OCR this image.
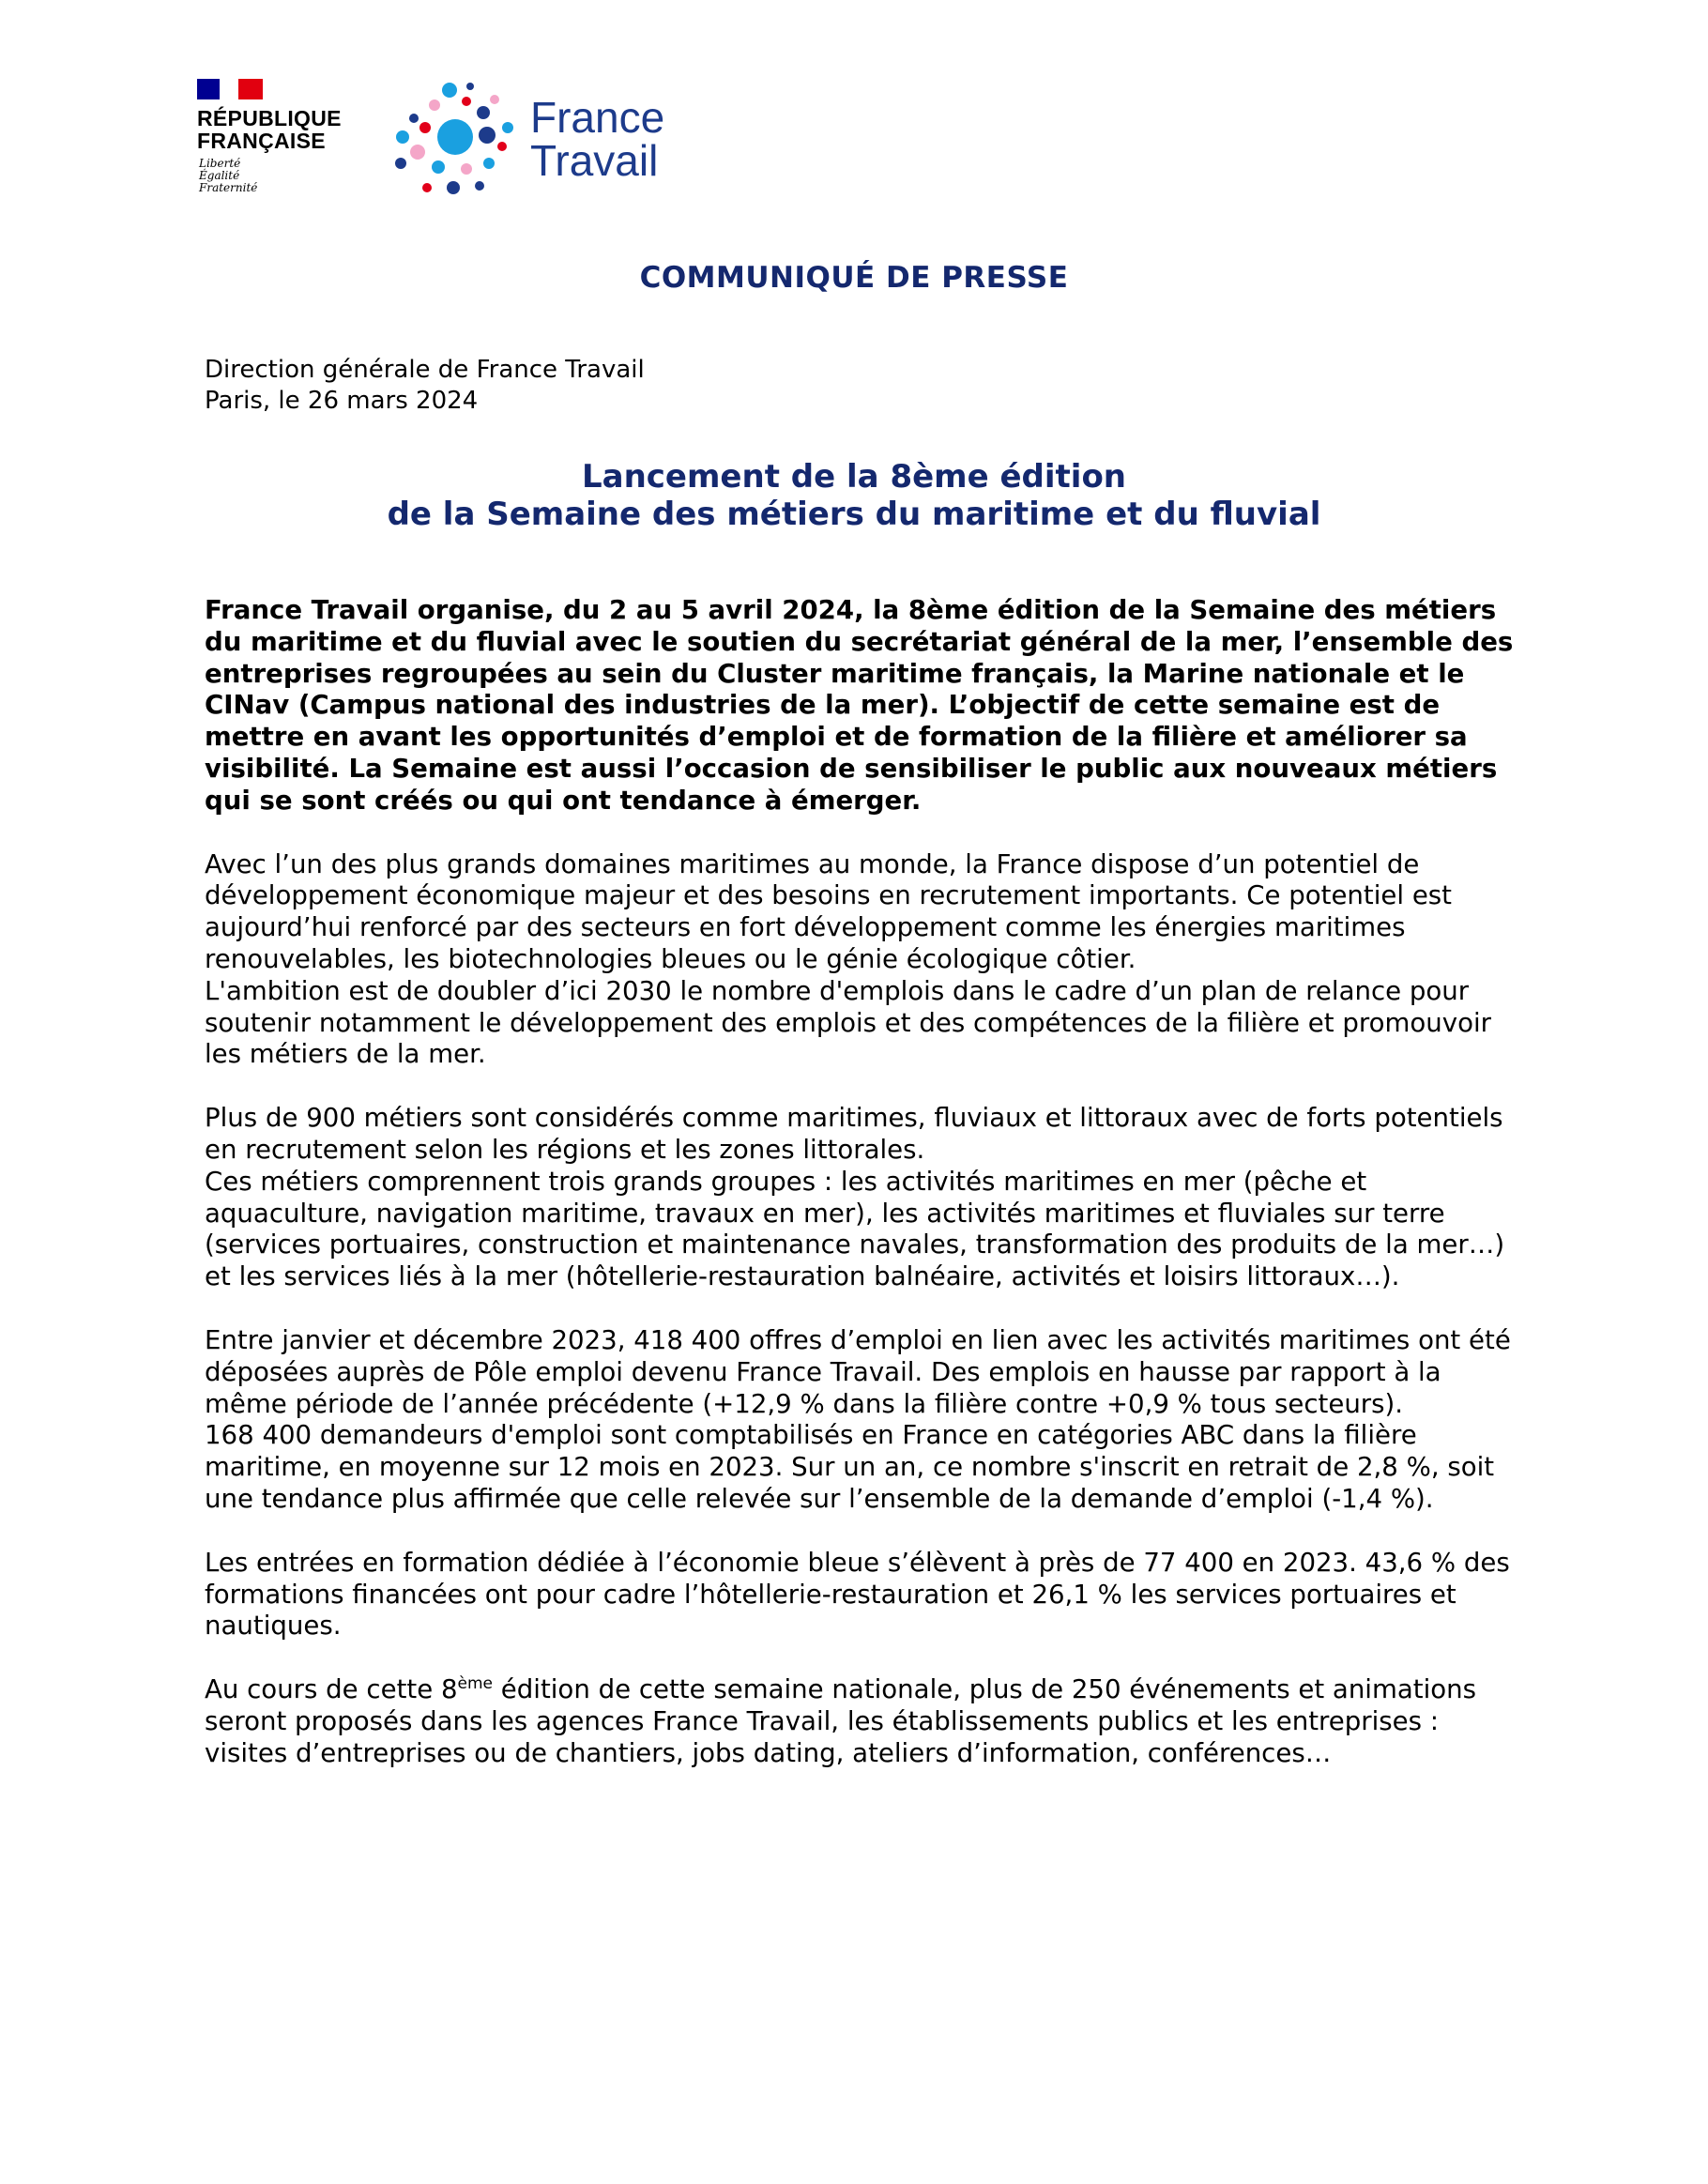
RÉPUBLIQUE
FRANÇAISE
Liberté
Égalité
Fraternité
France
Travail
COMMUNIQUÉ DE PRESSE
Direction générale de France Travail
Paris, le 26 mars 2024
Lancement de la 8ème édition
de la Semaine des métiers du maritime et du fluvial

France Travail organise, du 2 au 5 avril 2024, la 8ème édition de la Semaine des métiers du maritime et du fluvial avec le soutien du secrétariat général de la mer, l’ensemble des entreprises regroupées au sein du Cluster maritime français, la Marine nationale et le CINav (Campus national des industries de la mer). L’objectif de cette semaine est de mettre en avant les opportunités d’emploi et de formation de la filière et améliorer sa visibilité. La Semaine est aussi l’occasion de sensibiliser le public aux nouveaux métiers qui se sont créés ou qui ont tendance à émerger.

Avec l’un des plus grands domaines maritimes au monde, la France dispose d’un potentiel de développement économique majeur et des besoins en recrutement importants. Ce potentiel est aujourd’hui renforcé par des secteurs en fort développement comme les énergies maritimes renouvelables, les biotechnologies bleues ou le génie écologique côtier.
L'ambition est de doubler d’ici 2030 le nombre d'emplois dans le cadre d’un plan de relance pour soutenir notamment le développement des emplois et des compétences de la filière et promouvoir les métiers de la mer.

Plus de 900 métiers sont considérés comme maritimes, fluviaux et littoraux avec de forts potentiels en recrutement selon les régions et les zones littorales.
Ces métiers comprennent trois grands groupes : les activités maritimes en mer (pêche et aquaculture, navigation maritime, travaux en mer), les activités maritimes et fluviales sur terre (services portuaires, construction et maintenance navales, transformation des produits de la mer…) et les services liés à la mer (hôtellerie-restauration balnéaire, activités et loisirs littoraux…).

Entre janvier et décembre 2023, 418 400 offres d’emploi en lien avec les activités maritimes ont été déposées auprès de Pôle emploi devenu France Travail. Des emplois en hausse par rapport à la même période de l’année précédente (+12,9 % dans la filière contre +0,9 % tous secteurs).
168 400 demandeurs d'emploi sont comptabilisés en France en catégories ABC dans la filière maritime, en moyenne sur 12 mois en 2023. Sur un an, ce nombre s'inscrit en retrait de 2,8 %, soit une tendance plus affirmée que celle relevée sur l’ensemble de la demande d’emploi (-1,4 %).

Les entrées en formation dédiée à l’économie bleue s’élèvent à près de 77 400 en 2023. 43,6 % des formations financées ont pour cadre l’hôtellerie-restauration et 26,1 % les services portuaires et nautiques.

Au cours de cette 8ème édition de cette semaine nationale, plus de 250 événements et animations seront proposés dans les agences France Travail, les établissements publics et les entreprises : visites d’entreprises ou de chantiers, jobs dating, ateliers d’information, conférences…
